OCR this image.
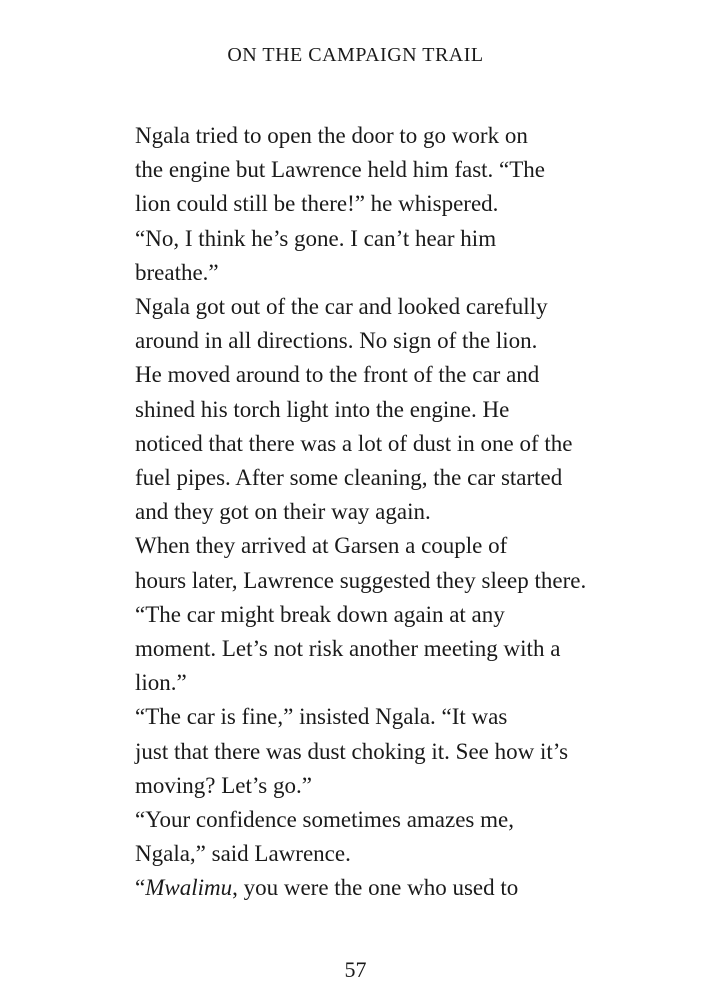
ON THE CAMPAIGN TRAIL

Ngala tried to open the door to go work on
the engine but Lawrence held him fast. “The
lion could still be there!” he whispered.

“No, I think he’s gone. I can’t hear him
breathe.”

Ngala got out of the car and looked carefully
around in all directions. No sign of the lion.
He moved around to the front of the car and
shined his torch light into the engine. He
noticed that there was a lot of dust in one of the
fuel pipes. After some cleaning, the car started
and they got on their way again.

When they arrived at Garsen a couple of
hours later, Lawrence suggested they sleep there.
“The car might break down again at any
moment. Let’s not risk another meeting with a
lion.”

“The car is fine,” insisted Ngala. “It was
just that there was dust choking it. See how it’s
moving? Let’s go.”

“Your confidence sometimes amazes me,
Ngala,” said Lawrence.

“Mwalimu, you were the one who used to

57
